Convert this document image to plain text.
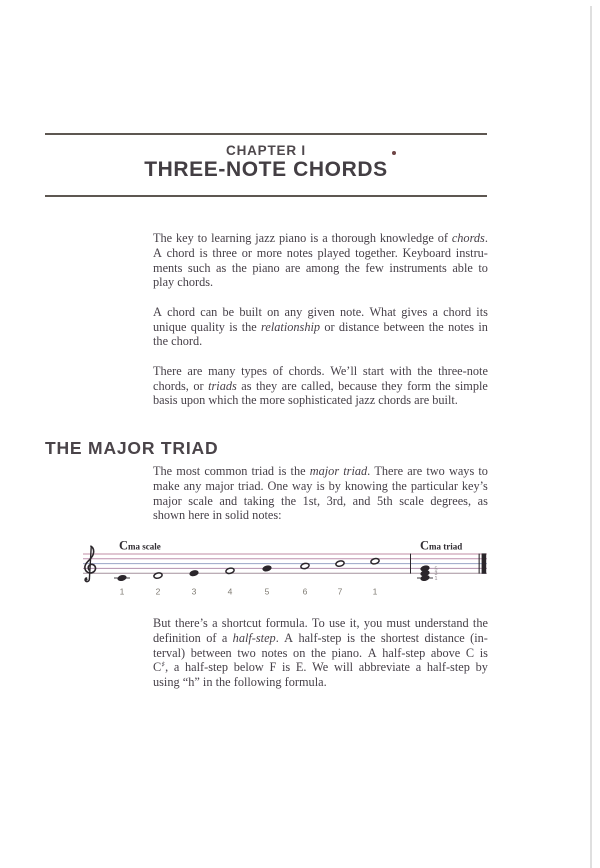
CHAPTER I
THREE-NOTE CHORDS
The key to learning jazz piano is a thorough knowledge of chords.
A chord is three or more notes played together. Keyboard instru-
ments such as the piano are among the few instruments able to
play chords.
A chord can be built on any given note. What gives a chord its
unique quality is the relationship or distance between the notes in
the chord.
There are many types of chords. We’ll start with the three-note
chords, or triads as they are called, because they form the simple
basis upon which the more sophisticated jazz chords are built.
THE MAJOR TRIAD
The most common triad is the major triad. There are two ways to
make any major triad. One way is by knowing the particular key’s
major scale and taking the 1st, 3rd, and 5th scale degrees, as
shown here in solid notes:
Cma scale	Cma triad
1	2	3	4	5	6	7	1
5
3
1
But there’s a shortcut formula. To use it, you must understand the
definition of a half-step. A half-step is the shortest distance (in-
terval) between two notes on the piano. A half-step above C is
C♯, a half-step below F is E. We will abbreviate a half-step by
using “h” in the following formula.
